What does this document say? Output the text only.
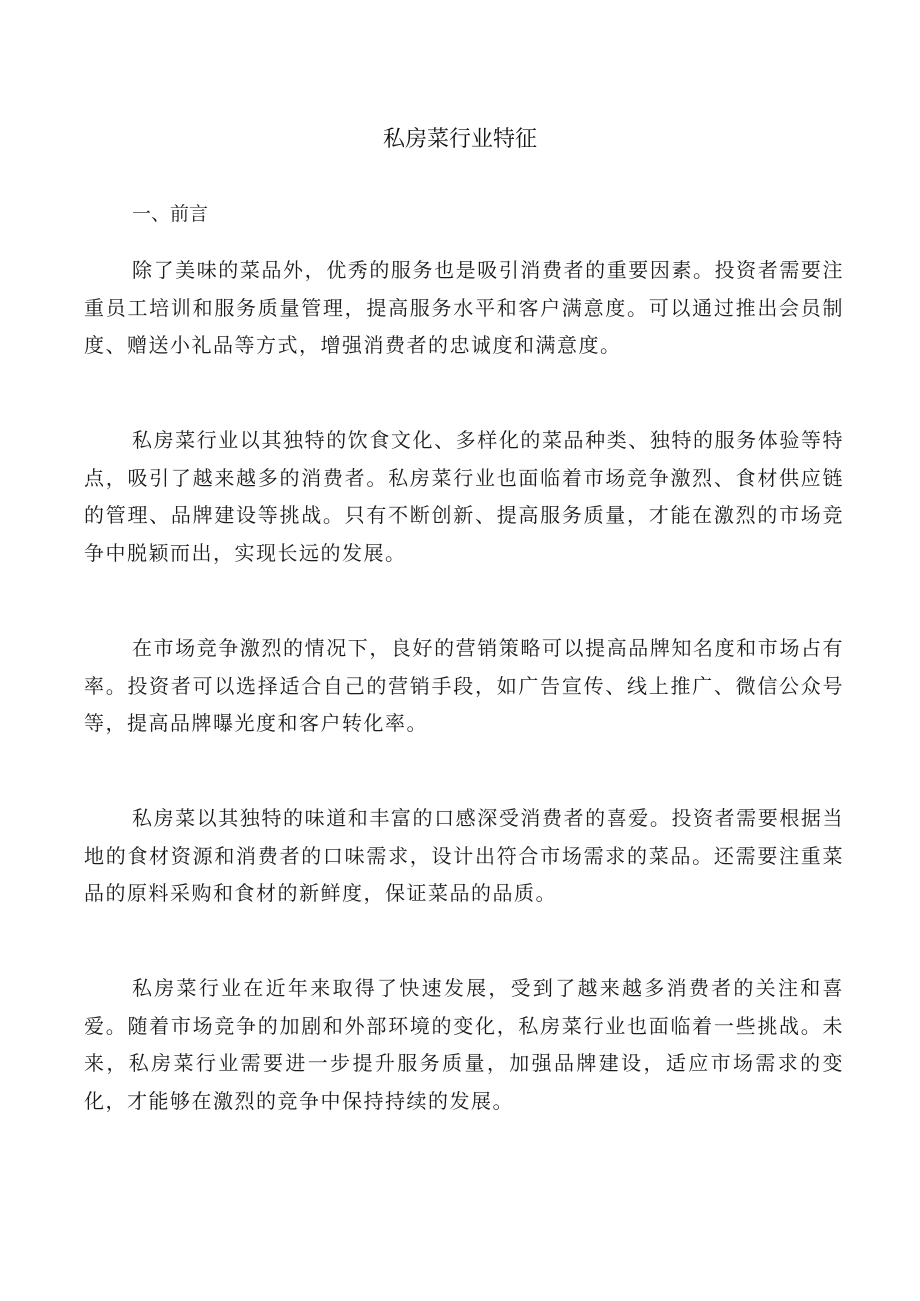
私房菜行业特征
一、前言

除了美味的菜品外，优秀的服务也是吸引消费者的重要因素。投资者需要注重员工培训和服务质量管理，提高服务水平和客户满意度。可以通过推出会员制度、赠送小礼品等方式，增强消费者的忠诚度和满意度。

私房菜行业以其独特的饮食文化、多样化的菜品种类、独特的服务体验等特点，吸引了越来越多的消费者。私房菜行业也面临着市场竞争激烈、食材供应链的管理、品牌建设等挑战。只有不断创新、提高服务质量，才能在激烈的市场竞争中脱颖而出，实现长远的发展。

在市场竞争激烈的情况下，良好的营销策略可以提高品牌知名度和市场占有率。投资者可以选择适合自己的营销手段，如广告宣传、线上推广、微信公众号等，提高品牌曝光度和客户转化率。

私房菜以其独特的味道和丰富的口感深受消费者的喜爱。投资者需要根据当地的食材资源和消费者的口味需求，设计出符合市场需求的菜品。还需要注重菜品的原料采购和食材的新鲜度，保证菜品的品质。

私房菜行业在近年来取得了快速发展，受到了越来越多消费者的关注和喜爱。随着市场竞争的加剧和外部环境的变化，私房菜行业也面临着一些挑战。未来，私房菜行业需要进一步提升服务质量，加强品牌建设，适应市场需求的变化，才能够在激烈的竞争中保持持续的发展。
